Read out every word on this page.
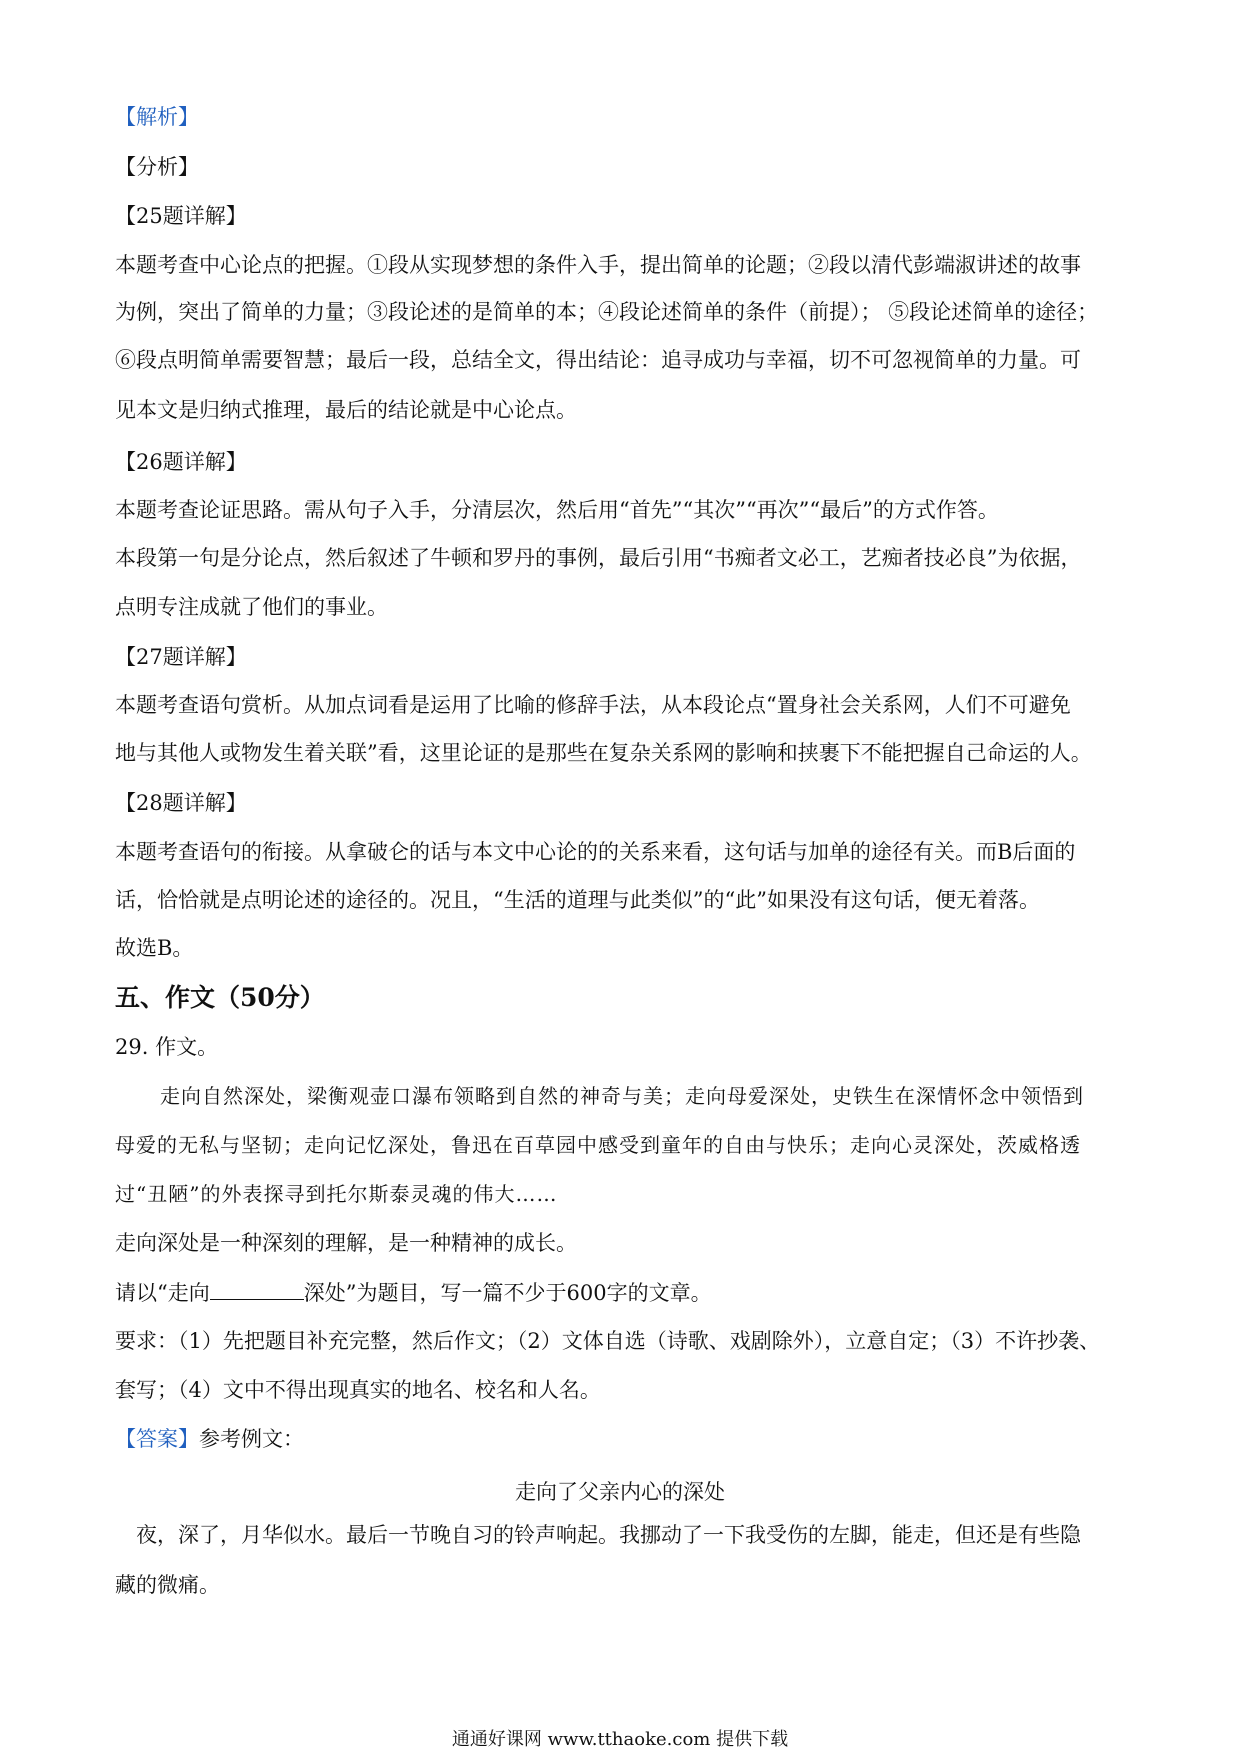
【解析】
【分析】
【25题详解】
本题考查中心论点的把握。①段从实现梦想的条件入手，提出简单的论题；②段以清代彭端淑讲述的故事
为例，突出了简单的力量；③段论述的是简单的本；④段论述简单的条件（前提）； ⑤段论述简单的途径；
⑥段点明简单需要智慧；最后一段，总结全文，得出结论：追寻成功与幸福，切不可忽视简单的力量。可
见本文是归纳式推理，最后的结论就是中心论点。
【26题详解】
本题考查论证思路。需从句子入手，分清层次，然后用“首先”“其次”“再次”“最后”的方式作答。
本段第一句是分论点，然后叙述了牛顿和罗丹的事例，最后引用“书痴者文必工，艺痴者技必良”为依据，
点明专注成就了他们的事业。
【27题详解】
本题考查语句赏析。从加点词看是运用了比喻的修辞手法，从本段论点“置身社会关系网，人们不可避免
地与其他人或物发生着关联”看，这里论证的是那些在复杂关系网的影响和挟裹下不能把握自己命运的人。
【28题详解】
本题考查语句的衔接。从拿破仑的话与本文中心论的的关系来看，这句话与加单的途径有关。而B后面的
话，恰恰就是点明论述的途径的。况且，“生活的道理与此类似”的“此”如果没有这句话，便无着落。
故选B。
五、作文（50分）
29. 作文。
走向自然深处，梁衡观壶口瀑布领略到自然的神奇与美；走向母爱深处，史铁生在深情怀念中领悟到
母爱的无私与坚韧；走向记忆深处，鲁迅在百草园中感受到童年的自由与快乐；走向心灵深处，茨威格透
过“丑陋”的外表探寻到托尔斯泰灵魂的伟大……
走向深处是一种深刻的理解，是一种精神的成长。
请以“走向	深处”为题目，写一篇不少于600字的文章。
要求：（1）先把题目补充完整，然后作文；（2）文体自选（诗歌、戏剧除外），立意自定；（3）不许抄袭、
套写；（4）文中不得出现真实的地名、校名和人名。
【答案】参考例文：
走向了父亲内心的深处
夜，深了，月华似水。最后一节晚自习的铃声响起。我挪动了一下我受伤的左脚，能走，但还是有些隐
藏的微痛。
通通好课网 www.tthaoke.com 提供下载
